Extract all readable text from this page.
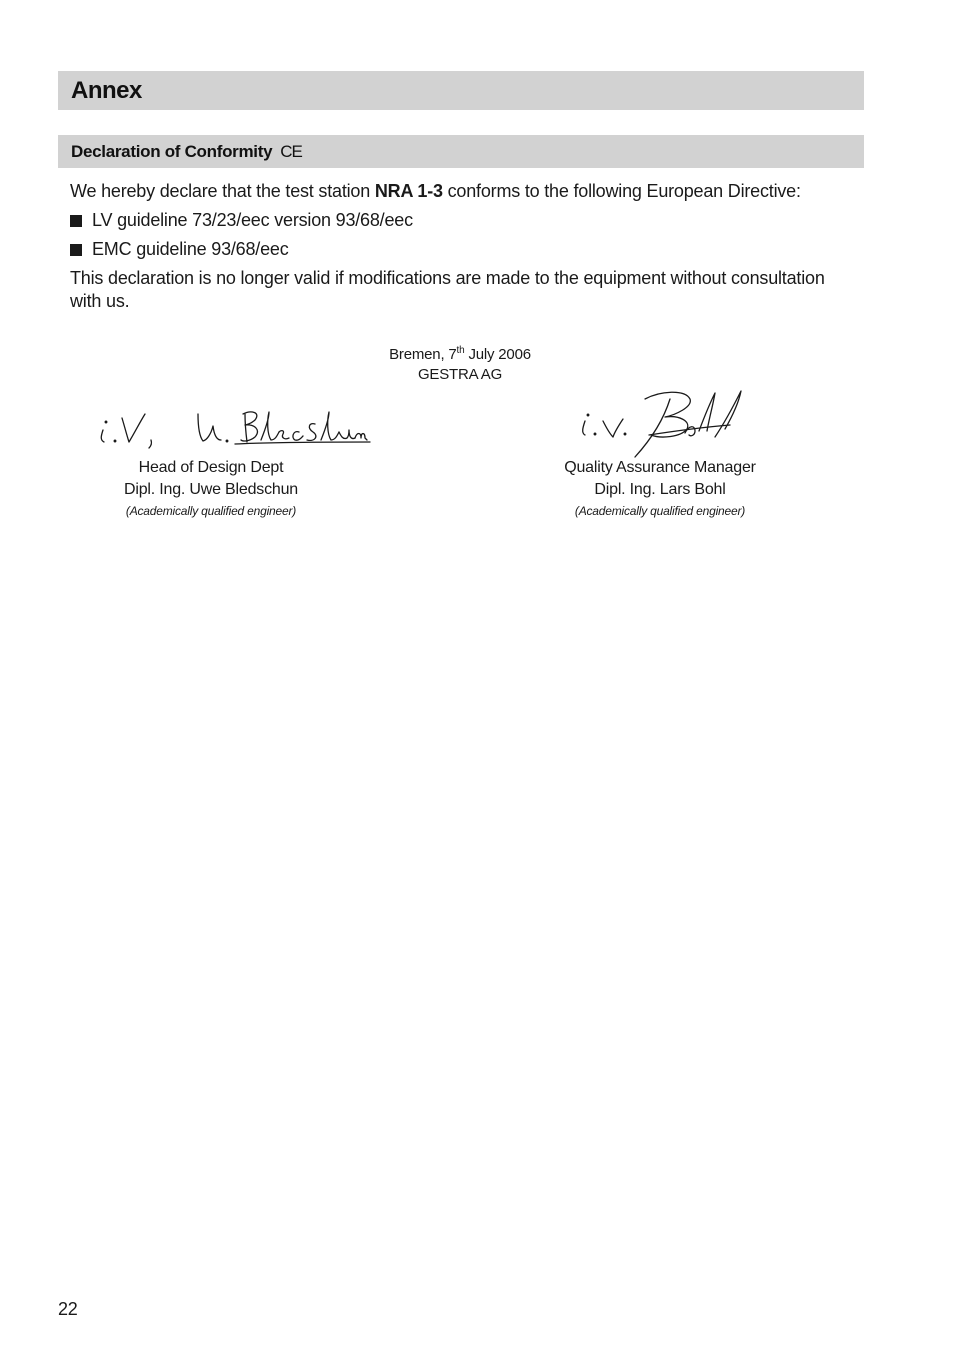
Annex
Declaration of Conformity CE
We hereby declare that the test station NRA 1-3 conforms to the following European Directive:
LV guideline 73/23/eec version 93/68/eec
EMC guideline 93/68/eec
This declaration is no longer valid if modifications are made to the equipment without consultation with us.
Bremen, 7th July 2006
GESTRA AG
Head of Design Dept
Dipl. Ing. Uwe Bledschun
(Academically qualified engineer)
Quality Assurance Manager
Dipl. Ing. Lars Bohl
(Academically qualified engineer)
22
